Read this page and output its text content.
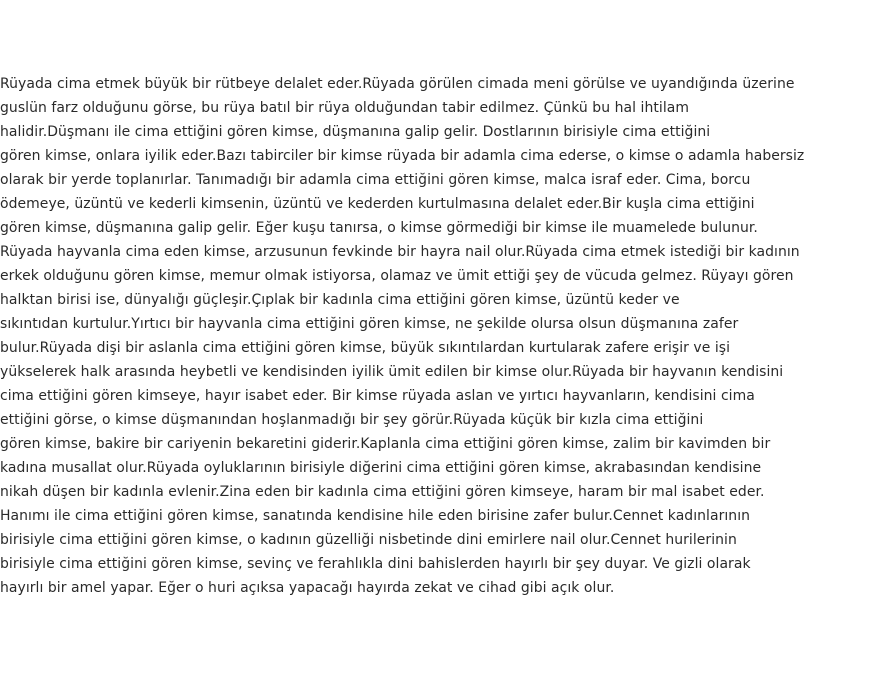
Rüyada cima etmek büyük bir rütbeye delalet eder.Rüyada görülen cimada meni görülse ve uyandığında üzerine guslün farz olduğunu görse, bu rüya batıl bir rüya olduğundan tabir edilmez. Çünkü bu hal ihtilam halidir.Düşmanı ile cima ettiğini gören kimse, düşmanına galip gelir. Dostlarının birisiyle cima ettiğini gören kimse, onlara iyilik eder.Bazı tabirciler bir kimse rüyada bir adamla cima ederse, o kimse o adamla habersiz olarak bir yerde toplanırlar. Tanımadığı bir adamla cima ettiğini gören kimse, malca israf eder. Cima, borcu ödemeye, üzüntü ve kederli kimsenin, üzüntü ve kederden kurtulmasına delalet eder.Bir kuşla cima ettiğini gören kimse, düşmanına galip gelir. Eğer kuşu tanırsa, o kimse görmediği bir kimse ile muamelede bulunur. Rüyada hayvanla cima eden kimse, arzusunun fevkinde bir hayra nail olur.Rüyada cima etmek istediği bir kadının erkek olduğunu gören kimse, memur olmak istiyorsa, olamaz ve ümit ettiği şey de vücuda gelmez. Rüyayı gören halktan birisi ise, dünyalığı güçleşir.Çıplak bir kadınla cima ettiğini gören kimse, üzüntü keder ve sıkıntıdan kurtulur.Yırtıcı bir hayvanla cima ettiğini gören kimse, ne şekilde olursa olsun düşmanına zafer bulur.Rüyada dişi bir aslanla cima ettiğini gören kimse, büyük sıkıntılardan kurtularak zafere erişir ve işi yükselerek halk arasında heybetli ve kendisinden iyilik ümit edilen bir kimse olur.Rüyada bir hayvanın kendisini cima ettiğini gören kimseye, hayır isabet eder. Bir kimse rüyada aslan ve yırtıcı hayvanların, kendisini cima ettiğini görse, o kimse düşmanından hoşlanmadığı bir şey görür.Rüyada küçük bir kızla cima ettiğini gören kimse, bakire bir cariyenin bekaretini giderir.Kaplanla cima ettiğini gören kimse, zalim bir kavimden bir kadına musallat olur.Rüyada oyluklarının birisiyle diğerini cima ettiğini gören kimse, akrabasından kendisine nikah düşen bir kadınla evlenir.Zina eden bir kadınla cima ettiğini gören kimseye, haram bir mal isabet eder. Hanımı ile cima ettiğini gören kimse, sanatında kendisine hile eden birisine zafer bulur.Cennet kadınlarının birisiyle cima ettiğini gören kimse, o kadının güzelliği nisbetinde dini emirlere nail olur.Cennet hurilerinin birisiyle cima ettiğini gören kimse, sevinç ve ferahlıkla dini bahislerden hayırlı bir şey duyar. Ve gizli olarak hayırlı bir amel yapar. Eğer o huri açıksa yapacağı hayırda zekat ve cihad gibi açık olur.
